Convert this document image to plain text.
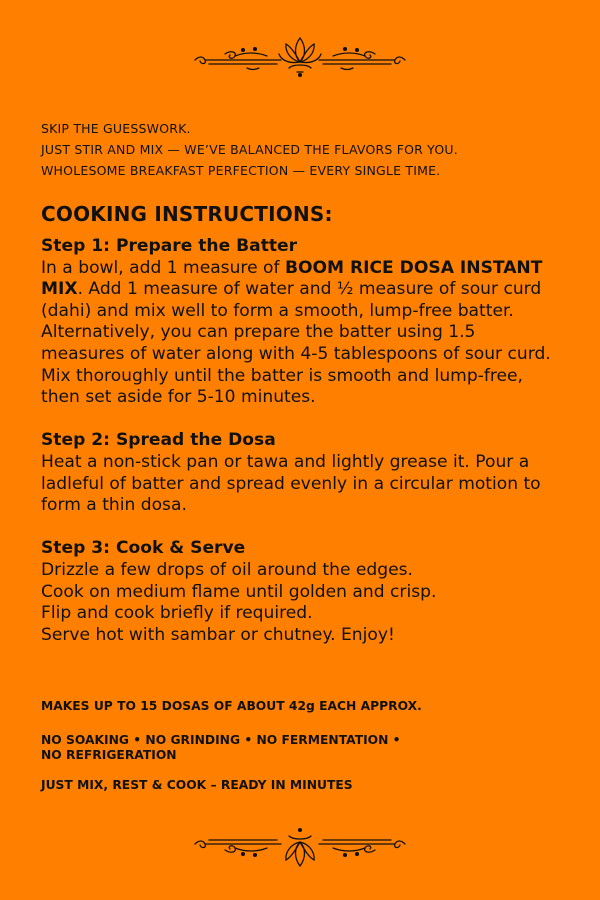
SKIP THE GUESSWORK.
JUST STIR AND MIX — WE’VE BALANCED THE FLAVORS FOR YOU.
WHOLESOME BREAKFAST PERFECTION — EVERY SINGLE TIME.
COOKING INSTRUCTIONS:
Step 1: Prepare the Batter
In a bowl, add 1 measure of BOOM RICE DOSA INSTANT MIX. Add 1 measure of water and ½ measure of sour curd (dahi) and mix well to form a smooth, lump-free batter. Alternatively, you can prepare the batter using 1.5 measures of water along with 4-5 tablespoons of sour curd. Mix thoroughly until the batter is smooth and lump-free, then set aside for 5-10 minutes.
Step 2: Spread the Dosa
Heat a non-stick pan or tawa and lightly grease it. Pour a ladleful of batter and spread evenly in a circular motion to form a thin dosa.
Step 3: Cook & Serve
Drizzle a few drops of oil around the edges.
Cook on medium flame until golden and crisp.
Flip and cook briefly if required.
Serve hot with sambar or chutney. Enjoy!
MAKES UP TO 15 DOSAS OF ABOUT 42g EACH APPROX.
NO SOAKING • NO GRINDING • NO FERMENTATION •
NO REFRIGERATION
JUST MIX, REST & COOK – READY IN MINUTES
